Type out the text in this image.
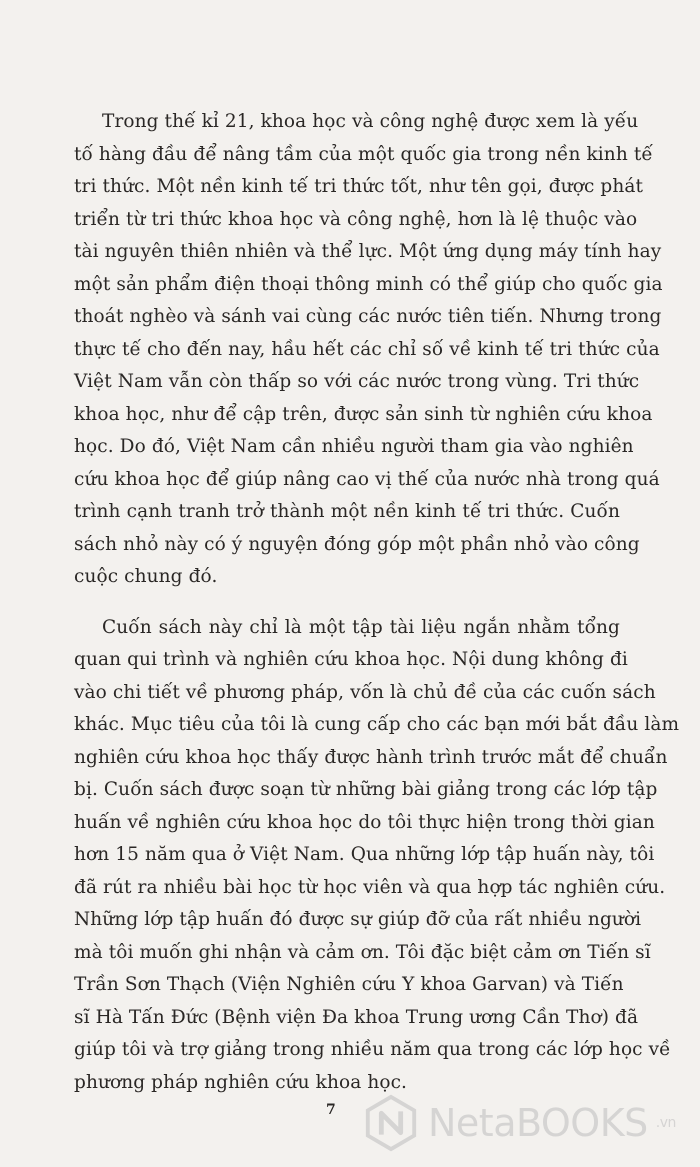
Trong thế kỉ 21, khoa học và công nghệ được xem là yếu
tố hàng đầu để nâng tầm của một quốc gia trong nền kinh tế
tri thức. Một nền kinh tế tri thức tốt, như tên gọi, được phát
triển từ tri thức khoa học và công nghệ, hơn là lệ thuộc vào
tài nguyên thiên nhiên và thể lực. Một ứng dụng máy tính hay
một sản phẩm điện thoại thông minh có thể giúp cho quốc gia
thoát nghèo và sánh vai cùng các nước tiên tiến. Nhưng trong
thực tế cho đến nay, hầu hết các chỉ số về kinh tế tri thức của
Việt Nam vẫn còn thấp so với các nước trong vùng. Tri thức
khoa học, như để cập trên, được sản sinh từ nghiên cứu khoa
học. Do đó, Việt Nam cần nhiều người tham gia vào nghiên
cứu khoa học để giúp nâng cao vị thế của nước nhà trong quá
trình cạnh tranh trở thành một nền kinh tế tri thức. Cuốn
sách nhỏ này có ý nguyện đóng góp một phần nhỏ vào công
cuộc chung đó.
Cuốn sách này chỉ là một tập tài liệu ngắn nhằm tổng
quan qui trình và nghiên cứu khoa học. Nội dung không đi
vào chi tiết về phương pháp, vốn là chủ đề của các cuốn sách
khác. Mục tiêu của tôi là cung cấp cho các bạn mới bắt đầu làm
nghiên cứu khoa học thấy được hành trình trước mắt để chuẩn
bị. Cuốn sách được soạn từ những bài giảng trong các lớp tập
huấn về nghiên cứu khoa học do tôi thực hiện trong thời gian
hơn 15 năm qua ở Việt Nam. Qua những lớp tập huấn này, tôi
đã rút ra nhiều bài học từ học viên và qua hợp tác nghiên cứu.
Những lớp tập huấn đó được sự giúp đỡ của rất nhiều người
mà tôi muốn ghi nhận và cảm ơn. Tôi đặc biệt cảm ơn Tiến sĩ
Trần Sơn Thạch (Viện Nghiên cứu Y khoa Garvan) và Tiến
sĩ Hà Tấn Đức (Bệnh viện Đa khoa Trung ương Cần Thơ) đã
giúp tôi và trợ giảng trong nhiều năm qua trong các lớp học về
phương pháp nghiên cứu khoa học.
7 NetaBOOKS .vn
